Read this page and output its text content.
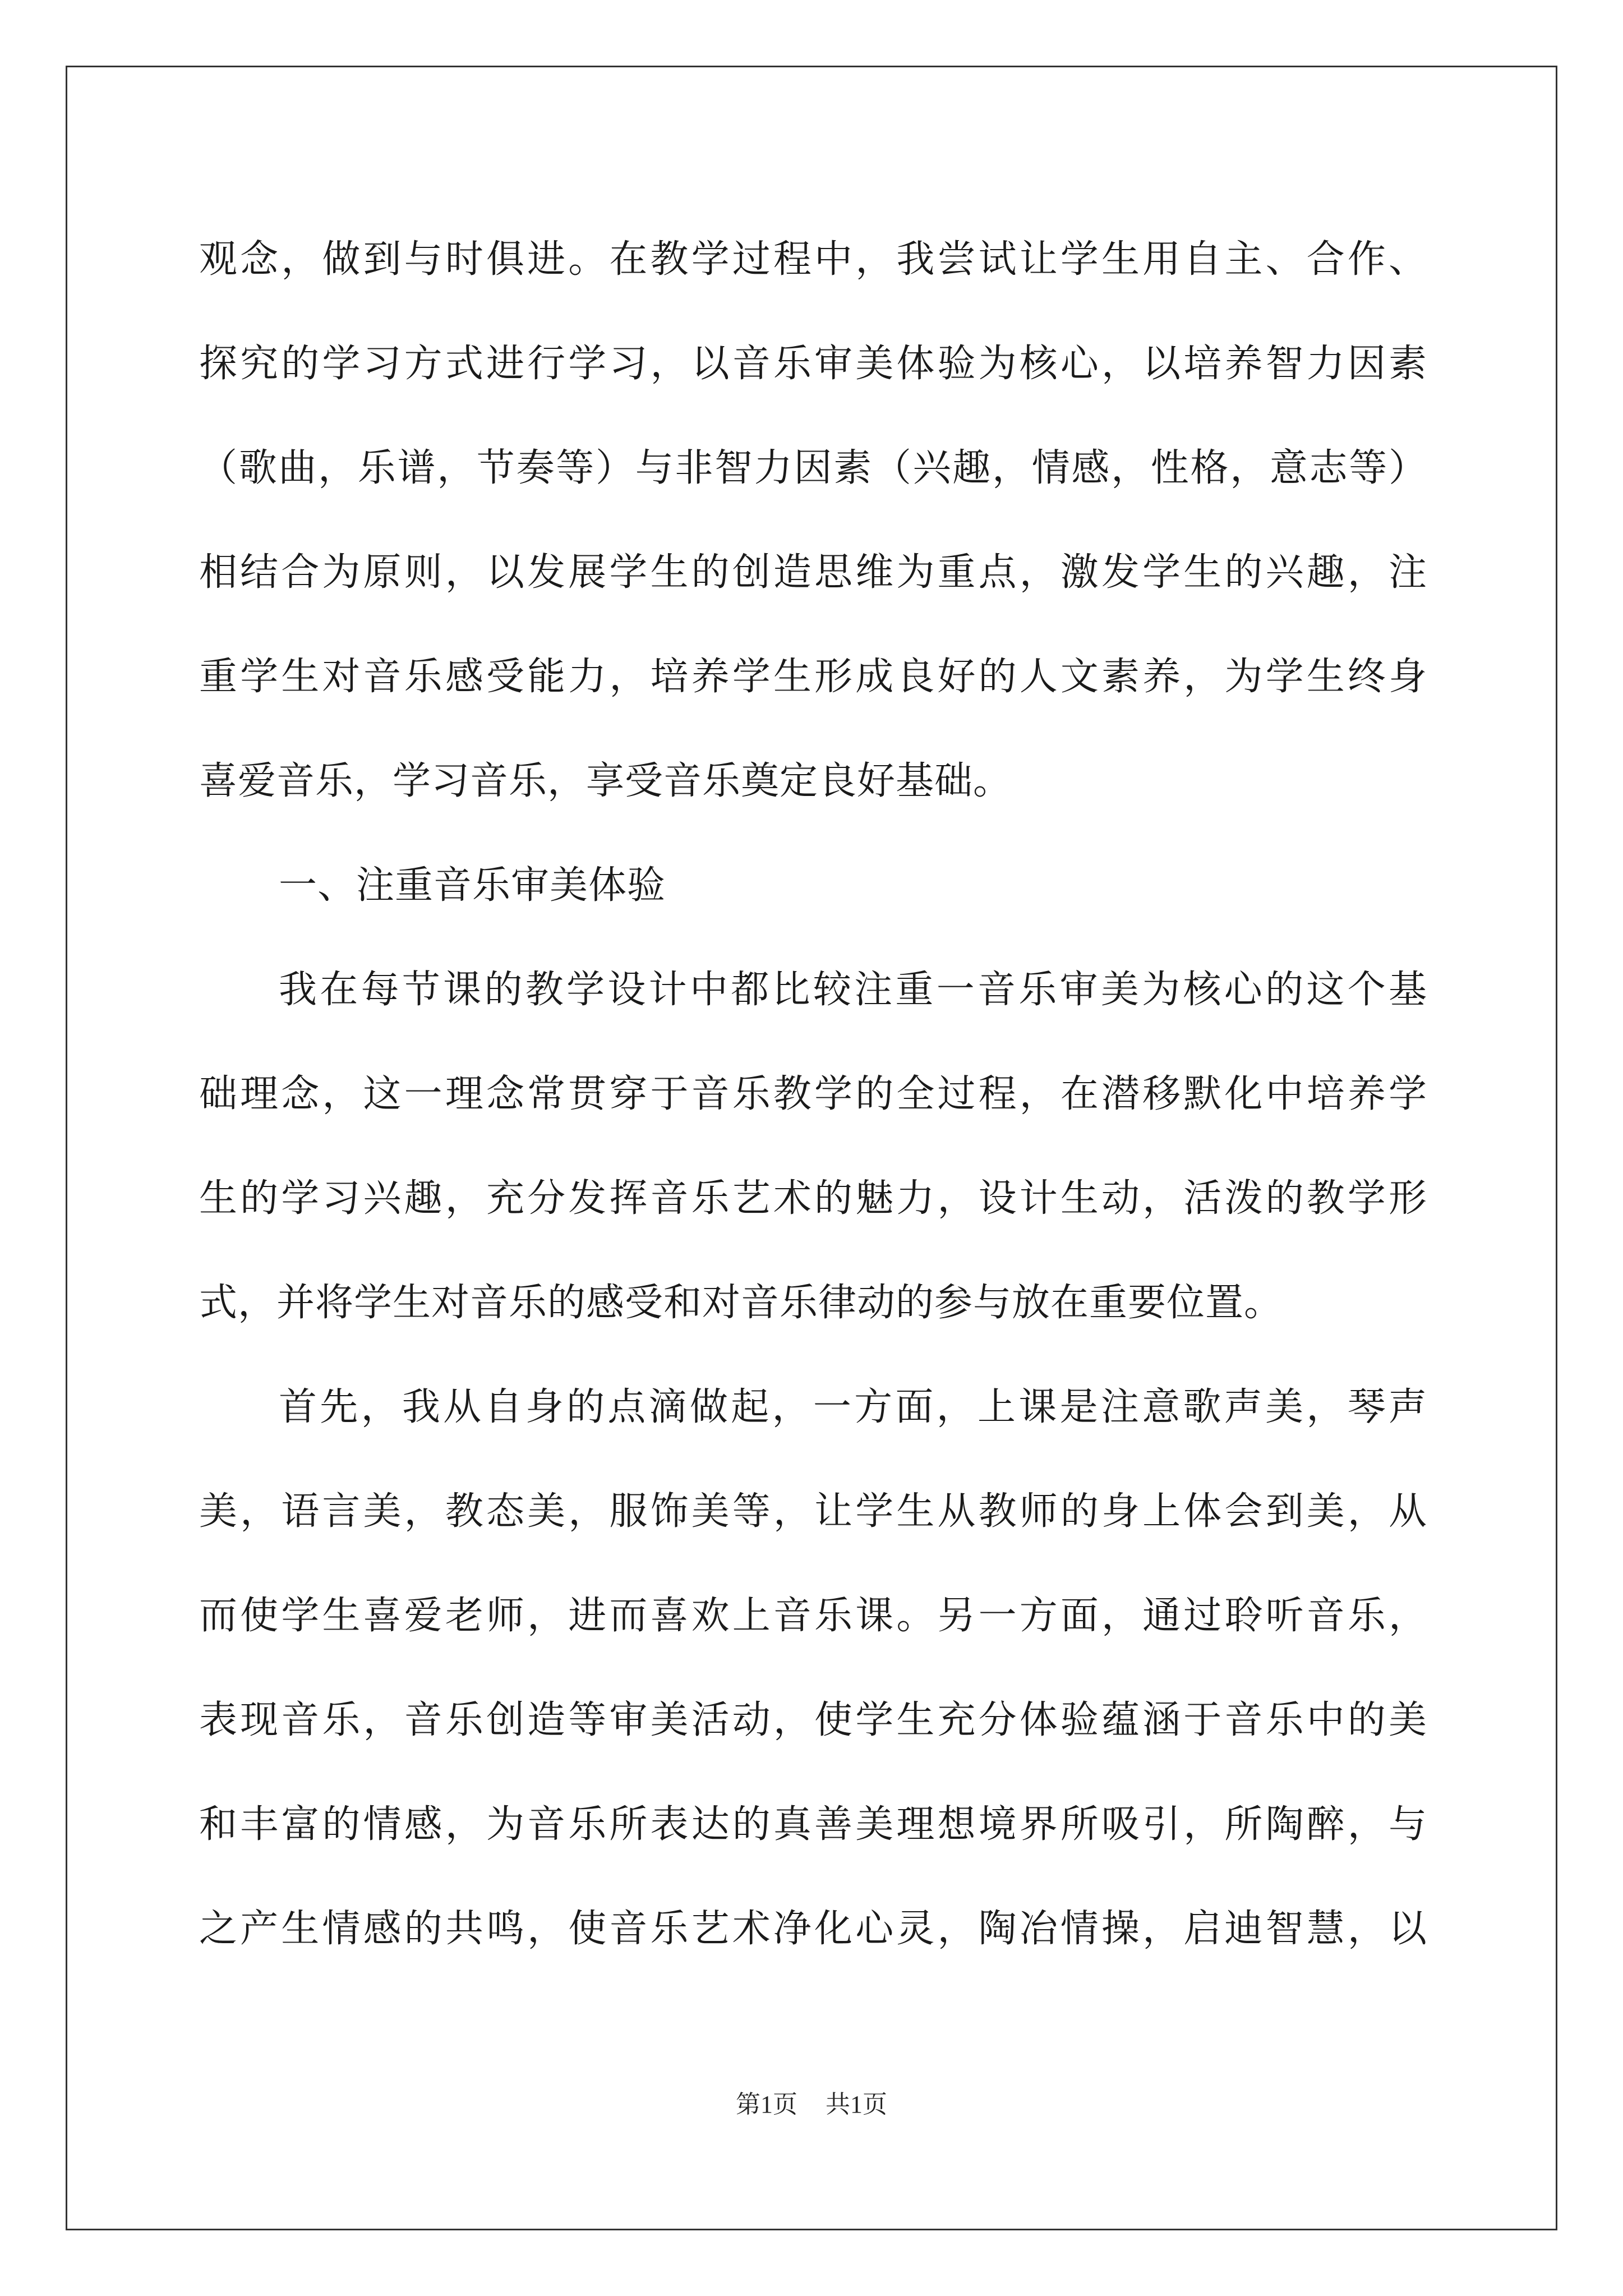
观念，做到与时俱进。在教学过程中，我尝试让学生用自主、合作、
探究的学习方式进行学习，以音乐审美体验为核心，以培养智力因素
（歌曲，乐谱，节奏等）与非智力因素（兴趣，情感，性格，意志等）
相结合为原则，以发展学生的创造思维为重点，激发学生的兴趣，注
重学生对音乐感受能力，培养学生形成良好的人文素养，为学生终身
喜爱音乐，学习音乐，享受音乐奠定良好基础。
一、注重音乐审美体验
我在每节课的教学设计中都比较注重一音乐审美为核心的这个基
础理念，这一理念常贯穿于音乐教学的全过程，在潜移默化中培养学
生的学习兴趣，充分发挥音乐艺术的魅力，设计生动，活泼的教学形
式，并将学生对音乐的感受和对音乐律动的参与放在重要位置。
首先，我从自身的点滴做起，一方面，上课是注意歌声美，琴声
美，语言美，教态美，服饰美等，让学生从教师的身上体会到美，从
而使学生喜爱老师，进而喜欢上音乐课。另一方面，通过聆听音乐，
表现音乐，音乐创造等审美活动，使学生充分体验蕴涵于音乐中的美
和丰富的情感，为音乐所表达的真善美理想境界所吸引，所陶醉，与
之产生情感的共鸣，使音乐艺术净化心灵，陶冶情操，启迪智慧，以
第1页 共1页
